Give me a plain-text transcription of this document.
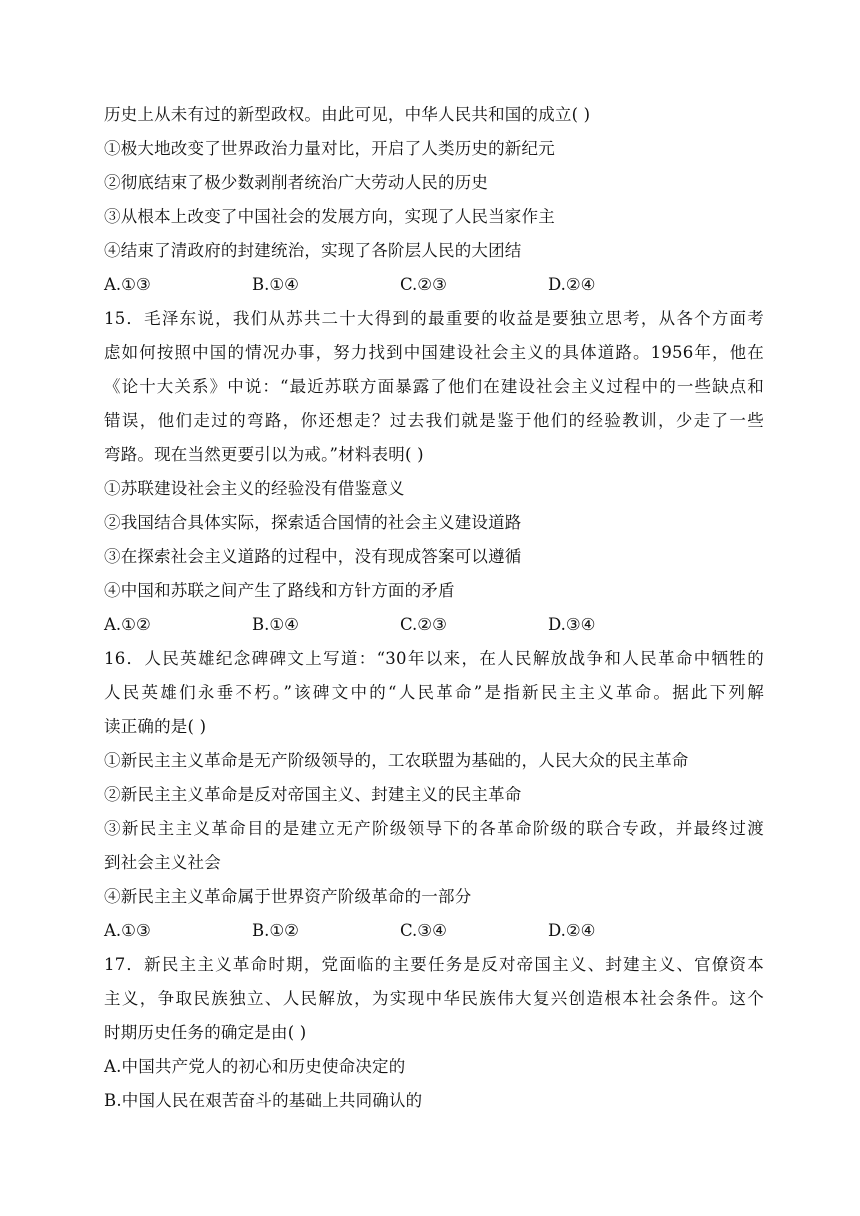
历史上从未有过的新型政权。由此可见，中华人民共和国的成立( )
①极大地改变了世界政治力量对比，开启了人类历史的新纪元
②彻底结束了极少数剥削者统治广大劳动人民的历史
③从根本上改变了中国社会的发展方向，实现了人民当家作主
④结束了清政府的封建统治，实现了各阶层人民的大团结
A.①③	B.①④	C.②③	D.②④
15．毛泽东说，我们从苏共二十大得到的最重要的收益是要独立思考，从各个方面考
虑如何按照中国的情况办事，努力找到中国建设社会主义的具体道路。1956年，他在
《论十大关系》中说：“最近苏联方面暴露了他们在建设社会主义过程中的一些缺点和
错误，他们走过的弯路，你还想走？过去我们就是鉴于他们的经验教训，少走了一些
弯路。现在当然更要引以为戒。”材料表明( )
①苏联建设社会主义的经验没有借鉴意义
②我国结合具体实际，探索适合国情的社会主义建设道路
③在探索社会主义道路的过程中，没有现成答案可以遵循
④中国和苏联之间产生了路线和方针方面的矛盾
A.①②	B.①④	C.②③	D.③④
16．人民英雄纪念碑碑文上写道：“30年以来，在人民解放战争和人民革命中牺牲的
人民英雄们永垂不朽。”该碑文中的“人民革命”是指新民主主义革命。据此下列解
读正确的是( )
①新民主主义革命是无产阶级领导的，工农联盟为基础的，人民大众的民主革命
②新民主主义革命是反对帝国主义、封建主义的民主革命
③新民主主义革命目的是建立无产阶级领导下的各革命阶级的联合专政，并最终过渡
到社会主义社会
④新民主主义革命属于世界资产阶级革命的一部分
A.①③	B.①②	C.③④	D.②④
17．新民主主义革命时期，党面临的主要任务是反对帝国主义、封建主义、官僚资本
主义，争取民族独立、人民解放，为实现中华民族伟大复兴创造根本社会条件。这个
时期历史任务的确定是由( )
A.中国共产党人的初心和历史使命决定的
B.中国人民在艰苦奋斗的基础上共同确认的
